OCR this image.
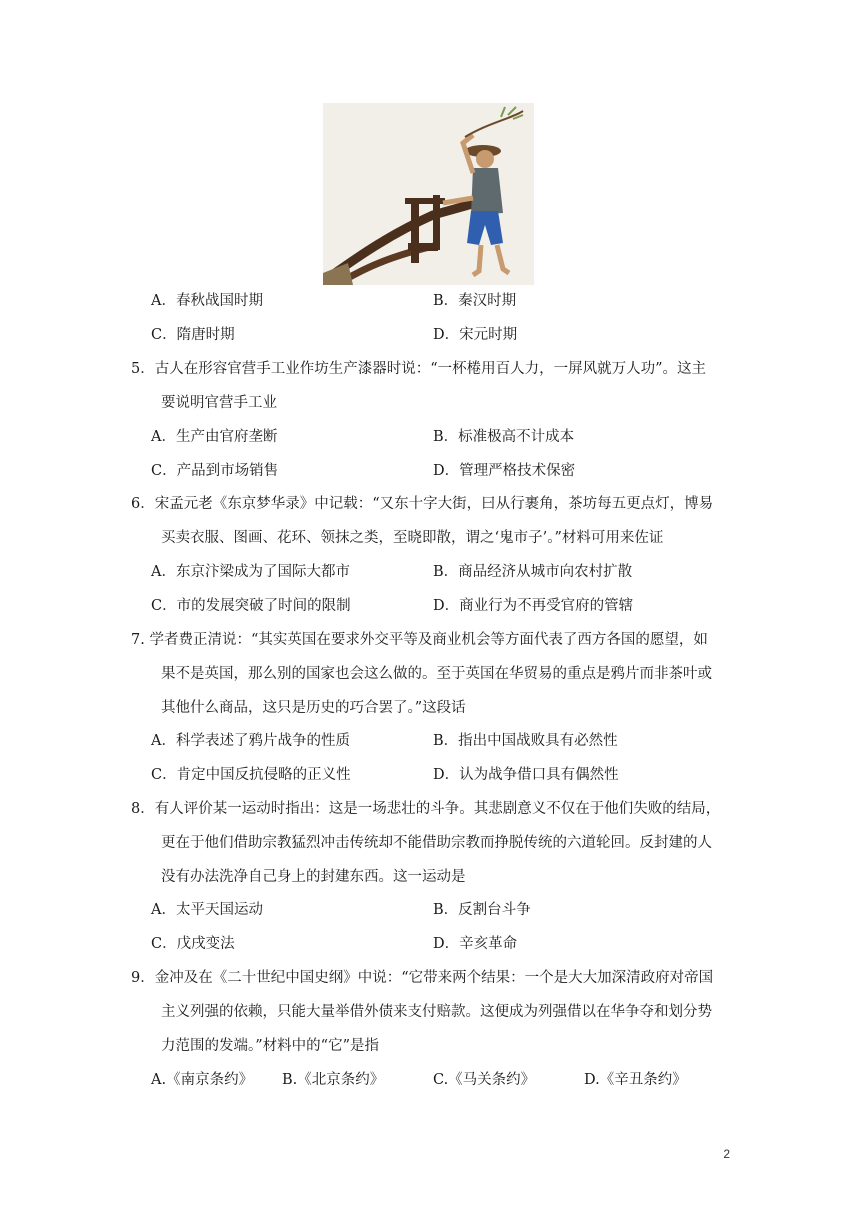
A．春秋战国时期	B．秦汉时期
C．隋唐时期	D．宋元时期
5．古人在形容官营手工业作坊生产漆器时说：“一杯棬用百人力，一屏风就万人功”。这主
要说明官营手工业
A．生产由官府垄断	B．标准极高不计成本
C．产品到市场销售	D．管理严格技术保密
6．宋孟元老《东京梦华录》中记载：“又东十字大街，曰从行裹角，茶坊每五更点灯，博易
买卖衣服、图画、花环、领抹之类，至晓即散，谓之‘鬼市子’。”材料可用来佐证
A．东京汴梁成为了国际大都市	B．商品经济从城市向农村扩散
C．市的发展突破了时间的限制	D．商业行为不再受官府的管辖
7. 学者费正清说：“其实英国在要求外交平等及商业机会等方面代表了西方各国的愿望，如
果不是英国，那么别的国家也会这么做的。至于英国在华贸易的重点是鸦片而非茶叶或
其他什么商品，这只是历史的巧合罢了。”这段话
A．科学表述了鸦片战争的性质	B．指出中国战败具有必然性
C．肯定中国反抗侵略的正义性	D．认为战争借口具有偶然性
8．有人评价某一运动时指出：这是一场悲壮的斗争。其悲剧意义不仅在于他们失败的结局，
更在于他们借助宗教猛烈冲击传统却不能借助宗教而挣脱传统的六道轮回。反封建的人
没有办法洗净自己身上的封建东西。这一运动是
A．太平天国运动	B．反割台斗争
C．戊戌变法	D．辛亥革命
9．金冲及在《二十世纪中国史纲》中说：“它带来两个结果：一个是大大加深清政府对帝国
主义列强的依赖，只能大量举借外债来支付赔款。这便成为列强借以在华争夺和划分势
力范围的发端。”材料中的“它”是指
A.《南京条约》 B.《北京条约》	C.《马关条约》	D.《辛丑条约》
2
